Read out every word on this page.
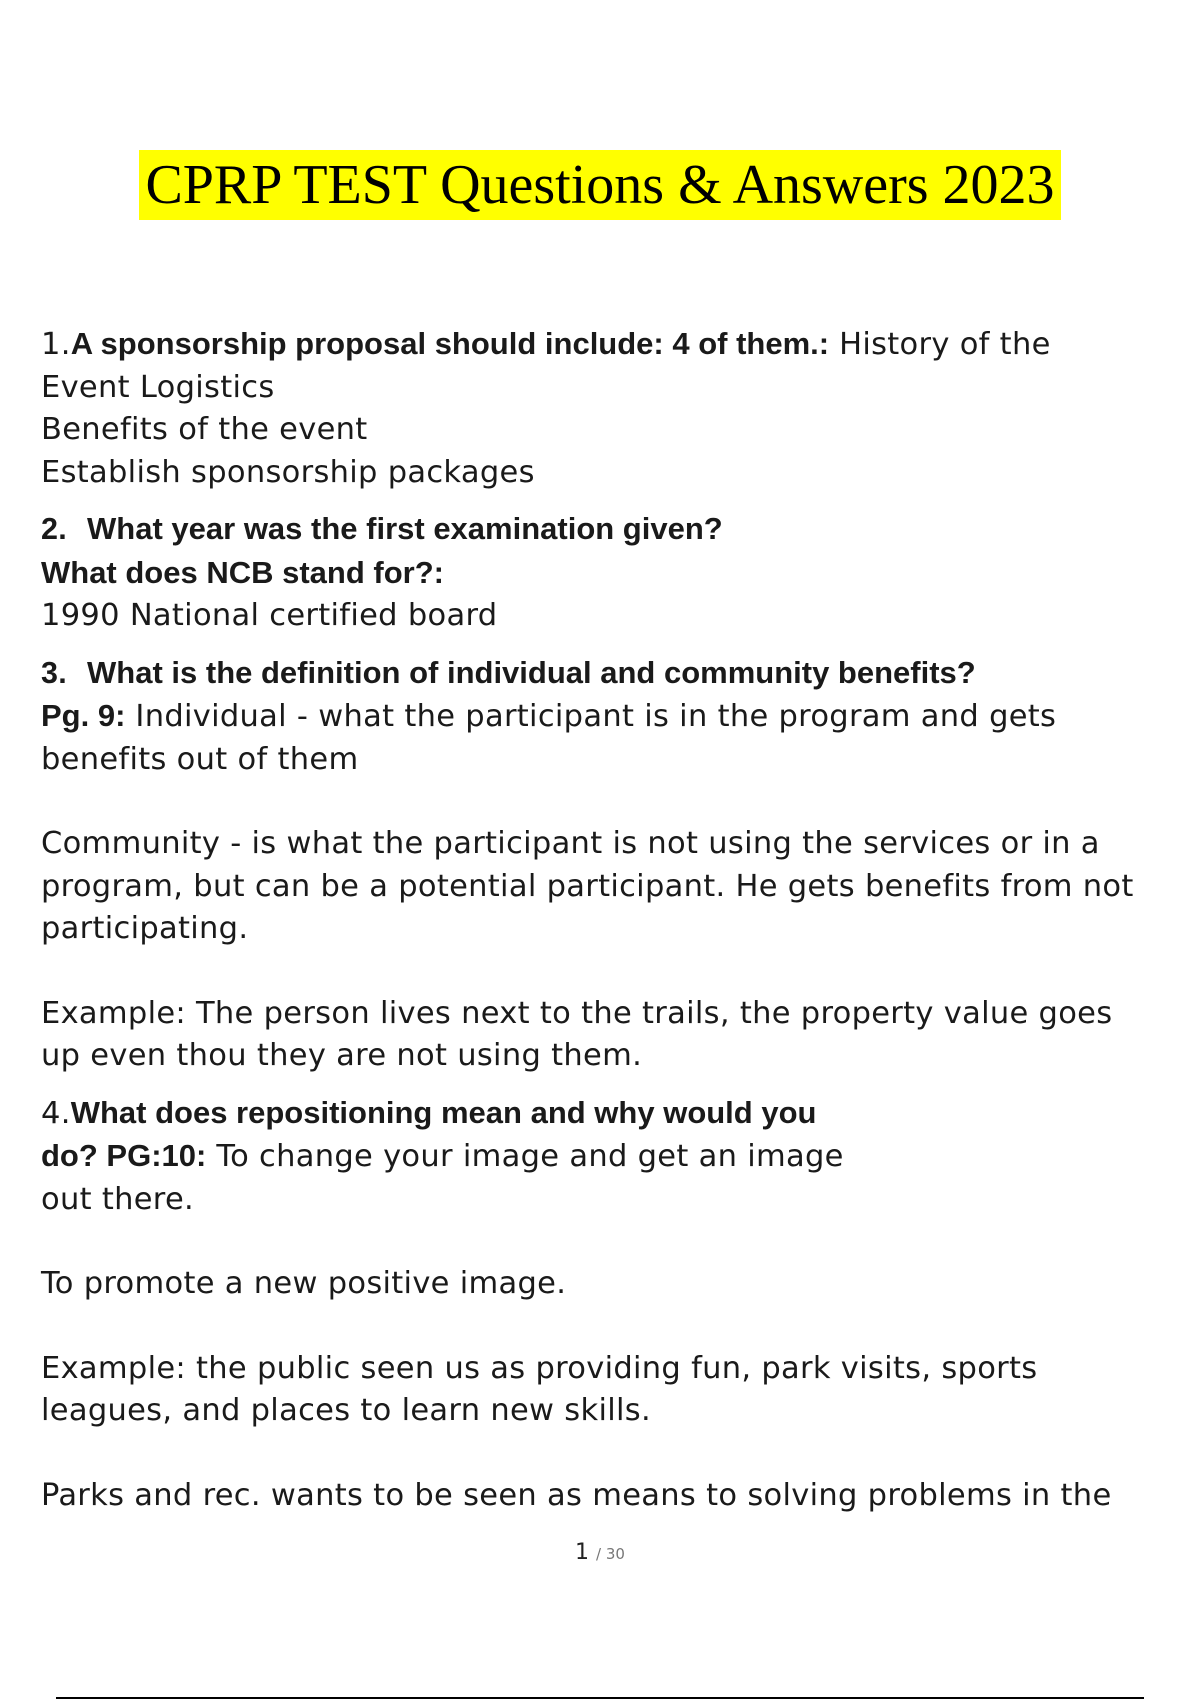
CPRP TEST Questions & Answers 2023

1.A sponsorship proposal should include: 4 of them.: History of the

Event Logistics

Benefits of the event

Establish sponsorship packages

2. What year was the first examination given?

What does NCB stand for?:

1990 National certified board

3. What is the definition of individual and community benefits?

Pg. 9: Individual - what the participant is in the program and gets

benefits out of them

Community - is what the participant is not using the services or in a

program, but can be a potential participant. He gets benefits from not

participating.

Example: The person lives next to the trails, the property value goes

up even thou they are not using them.

4.What does repositioning mean and why would you

do? PG:10: To change your image and get an image

out there.

To promote a new positive image.

Example: the public seen us as providing fun, park visits, sports

leagues, and places to learn new skills.

Parks and rec. wants to be seen as means to solving problems in the

1 / 30
